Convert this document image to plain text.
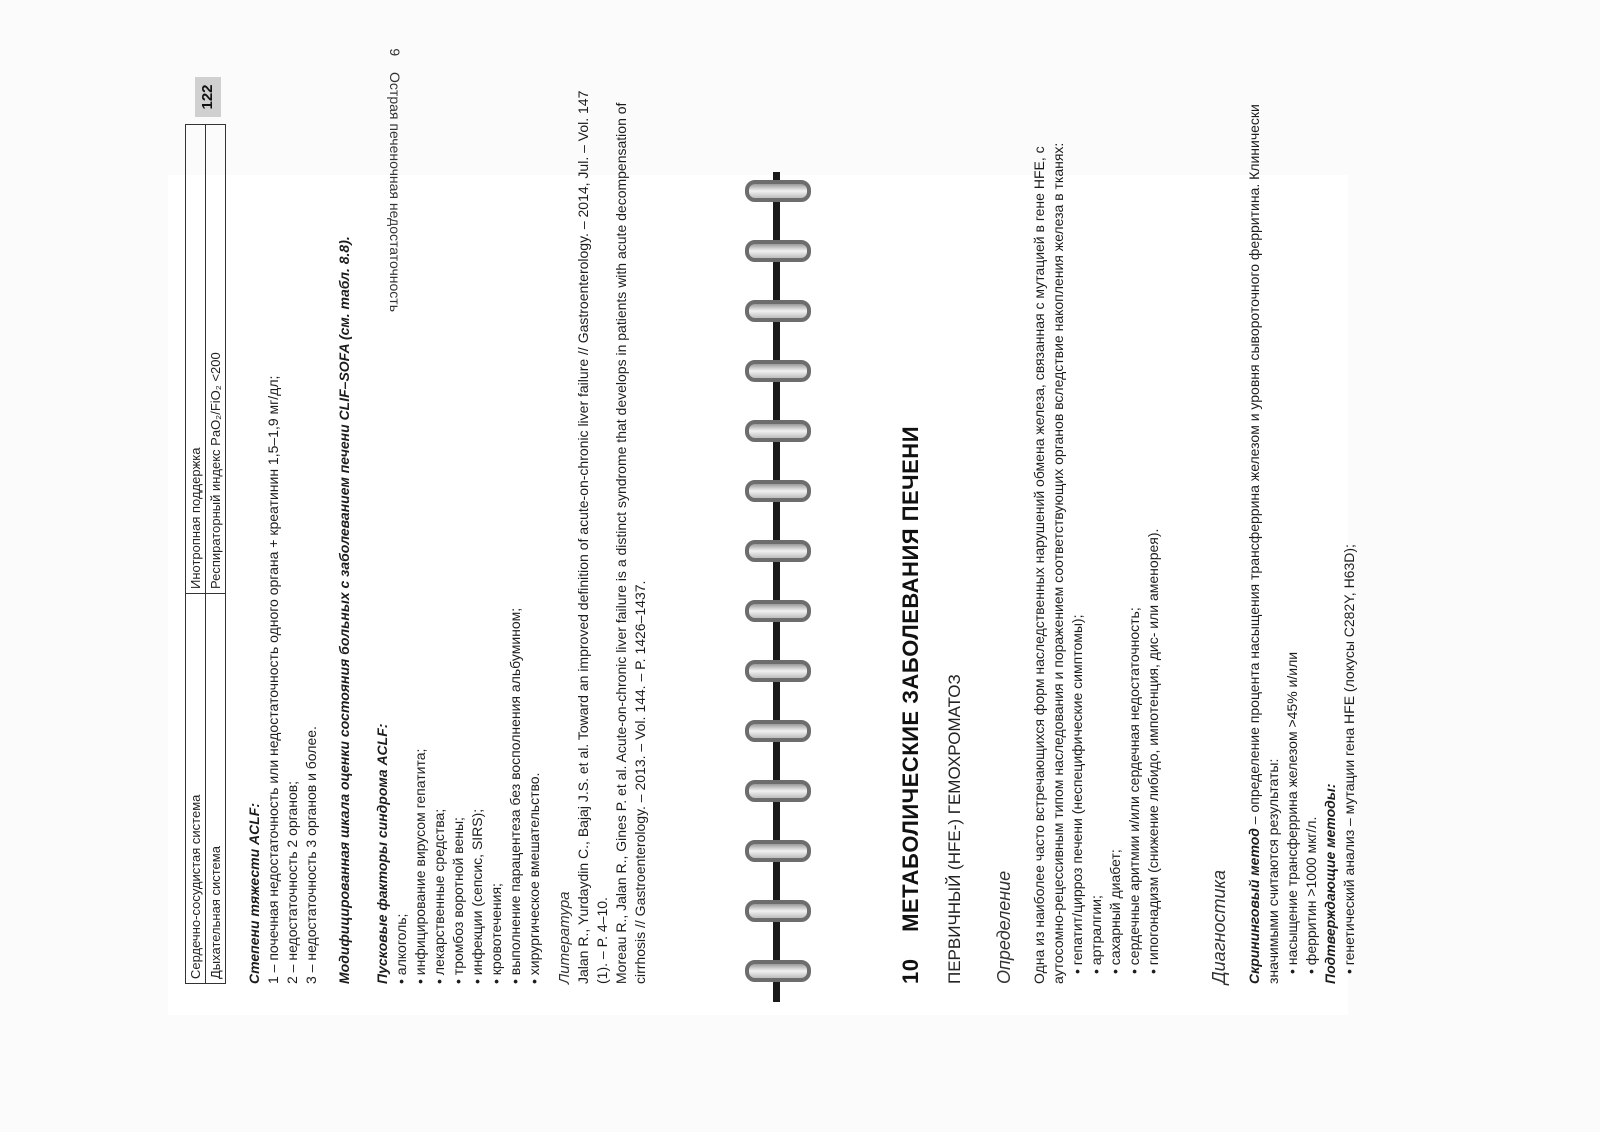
Сердечно-сосудистая система	Инотропная поддержка
Дыхательная система	Респираторный индекс PaO₂/FiO₂ <200
122
9 Острая печеночная недостаточность
Степени тяжести ACLF: 1 – почечная недостаточность или недостаточность одного органа + креатинин 1,5–1,9 мг/дл; 2 – недостаточность 2 органов; 3 – недостаточность 3 органов и более. Модифицированная шкала оценки состояния больных с заболеванием печени CLIF–SOFA (см. табл. 8.8). Пусковые факторы синдрома ACLF: • алкоголь; • инфицирование вирусом гепатита; • лекарственные средства; • тромбоз воротной вены; • инфекции (сепсис, SIRS); • кровотечения; • выполнение парацентеза без восполнения альбумином; • хирургическое вмешательство. Литература Jalan R., Yurdaydin C., Bajaj J.S. et al. Toward an improved definition of acute-on-chronic liver failure // Gastroenterology. – 2014, Jul. – Vol. 147 (1). – P. 4–10. Moreau R., Jalan R., Gines P. et al. Acute-on-chronic liver failure is a distinct syndrome that develops in patients with acute decompensation of cirrhosis // Gastroenterology. – 2013. – Vol. 144. – P. 1426–1437.	10 МЕТАБОЛИЧЕСКИЕ ЗАБОЛЕВАНИЯ ПЕЧЕНИ ПЕРВИЧНЫЙ (HFE-) ГЕМОХРОМАТОЗ Определение Одна из наиболее часто встречающихся форм наследственных нарушений обмена железа, связанная с мутацией в гене HFE, с аутосомно-рецессивным типом наследования и поражением соответствующих органов вследствие накопления железа в тканях: • гепатит/цирроз печени (неспецифические симптомы); • артралгии; • сахарный диабет; • сердечные аритмии и/или сердечная недостаточность; • гипогонадизм (снижение либидо, импотенция, дис- или аменорея).	Диагностика Скрининговый метод – определение процента насыщения трансферрина железом и уровня сывороточного ферритина. Клинически значимыми считаются результаты: • насыщение трансферрина железом >45% и/или • ферритин >1000 мкг/л. Подтверждающие методы: • генетический анализ – мутации гена HFE (локусы C282Y, H63D);
